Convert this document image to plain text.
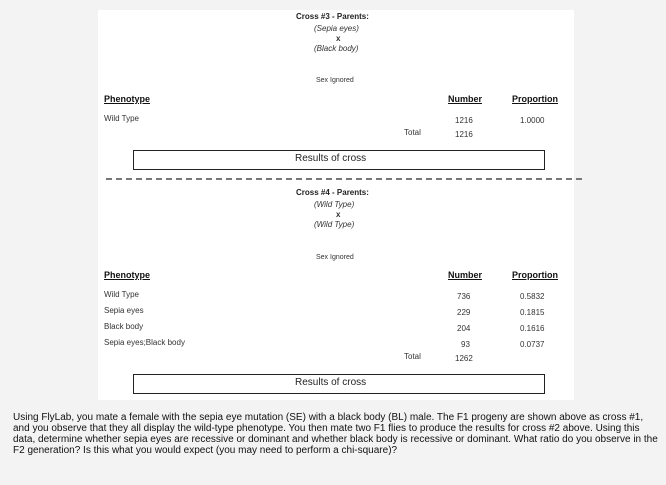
Cross #3 - Parents:
(Sepia eyes)
x
(Black body)
Sex Ignored
Phenotype	Number	Proportion
Wild Type	1216	1.0000
Total	1216
Results of cross
Cross #4 - Parents:
(Wild Type)
x
(Wild Type)
Sex Ignored
Phenotype	Number	Proportion
Wild Type	736	0.5832
Sepia eyes	229	0.1815
Black body	204	0.1616
Sepia eyes;Black body	93	0.0737
Total	1262
Results of cross
Using FlyLab, you mate a female with the sepia eye mutation (SE) with a black body (BL) male. The F1 progeny are shown above as cross #1, and you observe that they all display the wild-type phenotype. You then mate two F1 flies to produce the results for cross #2 above. Using this data, determine whether sepia eyes are recessive or dominant and whether black body is recessive or dominant. What ratio do you observe in the F2 generation? Is this what you would expect (you may need to perform a chi-square)?
